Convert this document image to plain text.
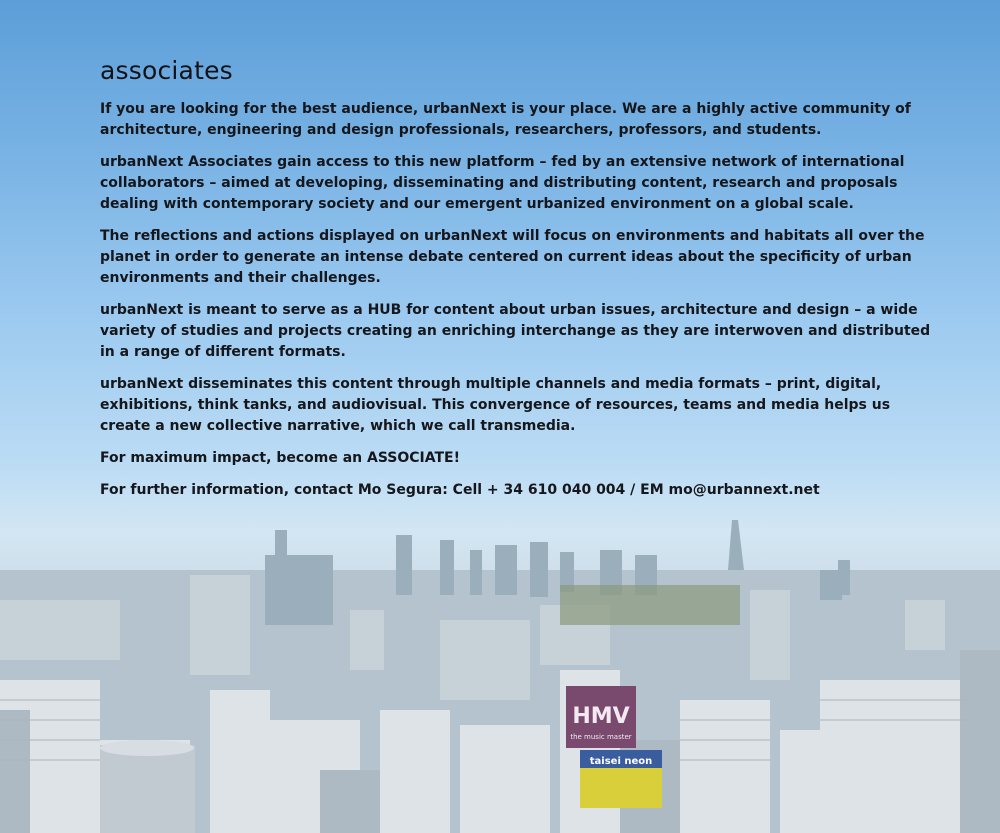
HMV
the music master
taisei neon
associates

If you are looking for the best audience, urbanNext is your place. We are a highly active community of architecture, engineering and design professionals, researchers, professors, and students.

urbanNext Associates gain access to this new platform – fed by an extensive network of international collaborators – aimed at developing, disseminating and distributing content, research and proposals dealing with contemporary society and our emergent urbanized environment on a global scale.

The reflections and actions displayed on urbanNext will focus on environments and habitats all over the planet in order to generate an intense debate centered on current ideas about the specificity of urban environments and their challenges.

urbanNext is meant to serve as a HUB for content about urban issues, architecture and design – a wide variety of studies and projects creating an enriching interchange as they are interwoven and distributed in a range of different formats.

urbanNext disseminates this content through multiple channels and media formats – print, digital, exhibitions, think tanks, and audiovisual. This convergence of resources, teams and media helps us create a new collective narrative, which we call transmedia.

For maximum impact, become an ASSOCIATE!

For further information, contact Mo Segura: Cell + 34 610 040 004 / EM mo@urbannext.net
